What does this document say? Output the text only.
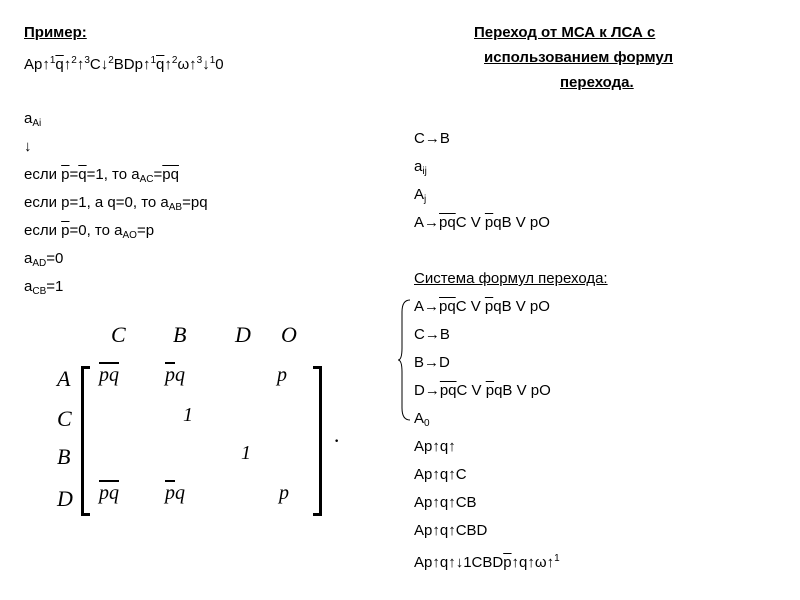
Пример:
$Ap↑^1\overline{q}↑^2↑^3C↓^2BDp↑^1\overline{q}↑^2\omega↑^3↓^10$
$a_{Ai}$
↓
если $\overline{p}=\overline{q}=1$, то $a_{AC}=\overline{pq}$
если p=1, а q=0, то $a_{AB}=pq$
если $\overline{p}=0$, то $a_{AO}=p$
$a_{AD}=0$
$a_{CB}=1$
C B D O
A
C
B
D
·
$\overline{pq}$ $\overline{p}q$	p
1
1
$\overline{pq}$ $\overline{p}q$	p
Переход от МСА к ЛСА с
использованием формул
перехода.
C→B
$a_{ij}$
$A_j$
$A\to\overline{pq}C$ V $\overline{p}qB$ V pO
Система формул перехода:
$A\to\overline{pq}C$ V $\overline{p}qB$ V pO
C→B
B→D
$D\to\overline{pq}C$ V $\overline{p}qB$ V pO
$A_0$
Ap↑q↑
Ap↑q↑C
Ap↑q↑CB
Ap↑q↑CBD
$Ap↑q↑↓1CBD\overline{p}↑q↑\omega↑^1$
